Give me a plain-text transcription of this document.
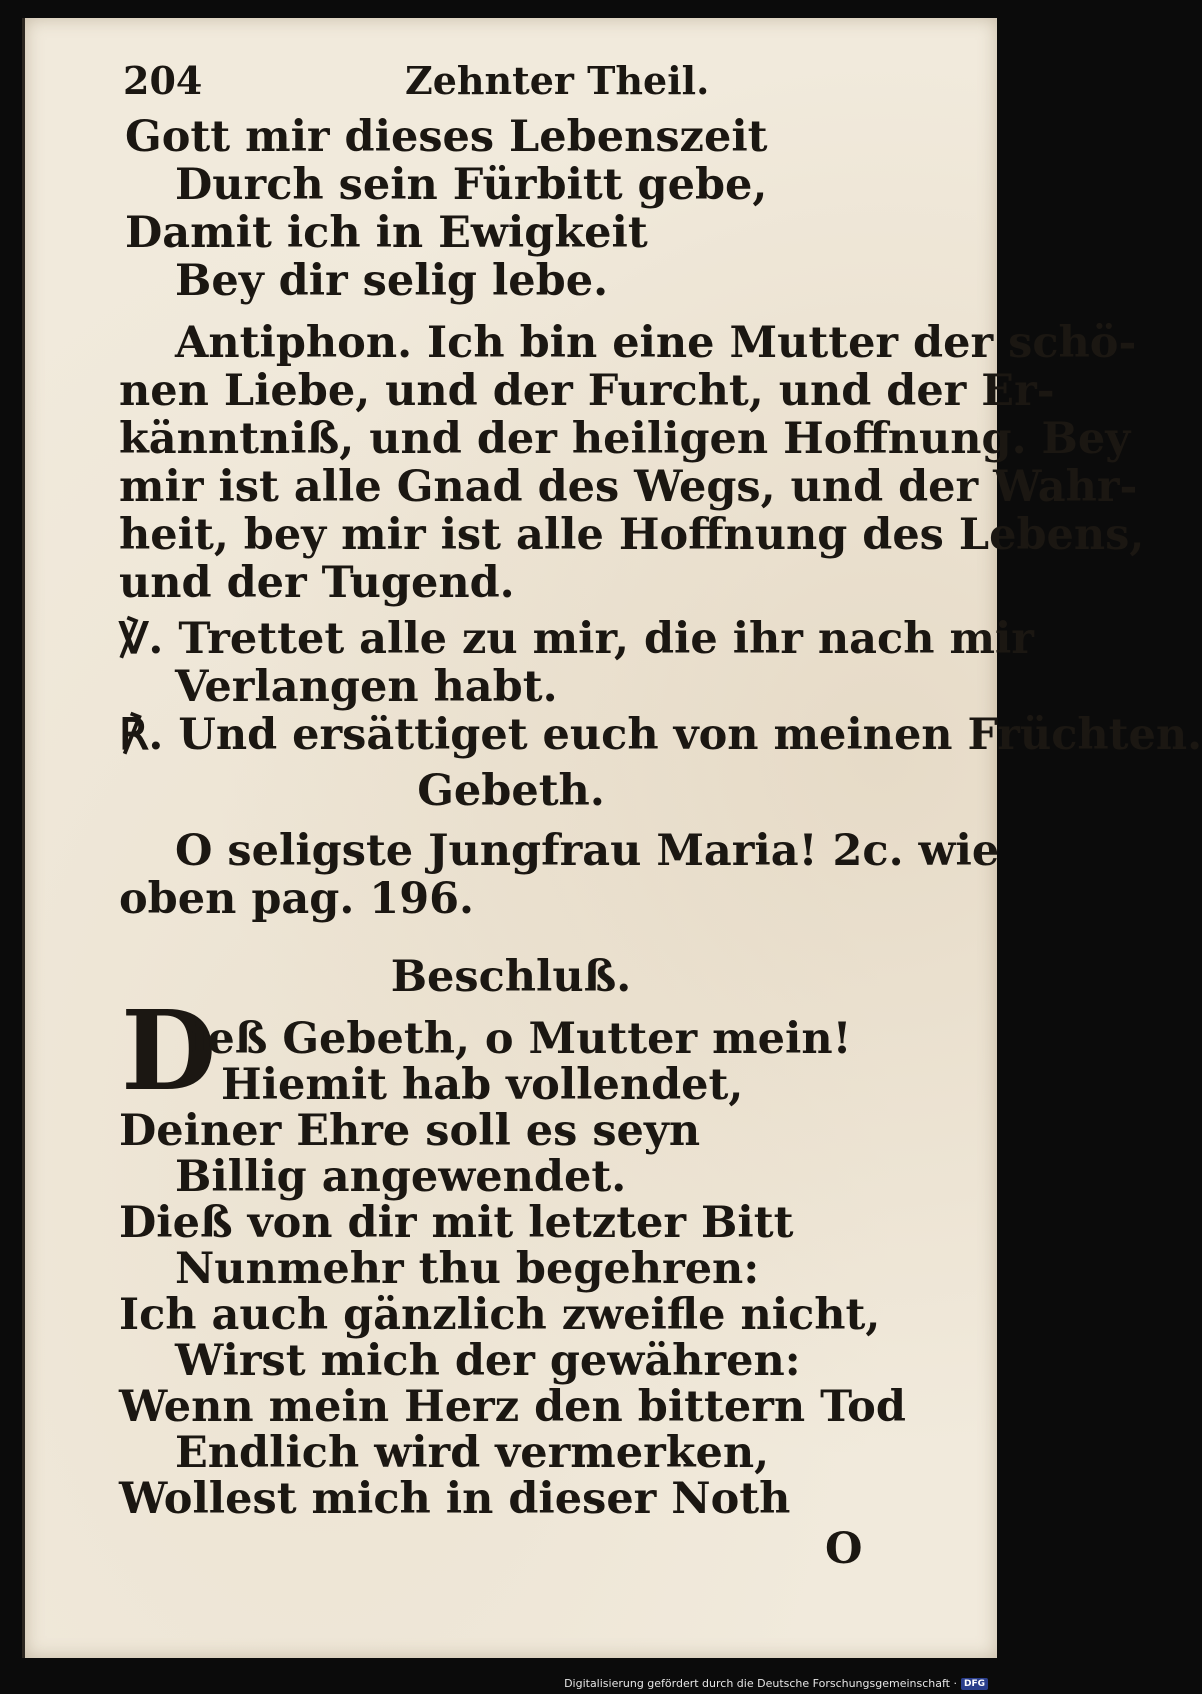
204	Zehnter Theil.
Gott mir dieses Lebenszeit
Durch sein Fürbitt gebe,
Damit ich in Ewigkeit
Bey dir selig lebe.
Antiphon. Ich bin eine Mutter der schö-
nen Liebe, und der Furcht, und der Er-
känntniß, und der heiligen Hoffnung. Bey
mir ist alle Gnad des Wegs, und der Wahr-
heit, bey mir ist alle Hoffnung des Lebens,
und der Tugend.
℣. Trettet alle zu mir, die ihr nach mir
Verlangen habt.
℟. Und ersättiget euch von meinen Früchten.
Gebeth.
O seligste Jungfrau Maria! 2c. wie
oben pag. 196.
Beschluß.
D
ieß Gebeth, o Mutter mein!
Hiemit hab vollendet,
Deiner Ehre soll es seyn
Billig angewendet.
Dieß von dir mit letzter Bitt
Nunmehr thu begehren:
Ich auch gänzlich zweifle nicht,
Wirst mich der gewähren:
Wenn mein Herz den bittern Tod
Endlich wird vermerken,
Wollest mich in dieser Noth
O
Digitalisierung gefördert durch die Deutsche Forschungsgemeinschaft · DFG
